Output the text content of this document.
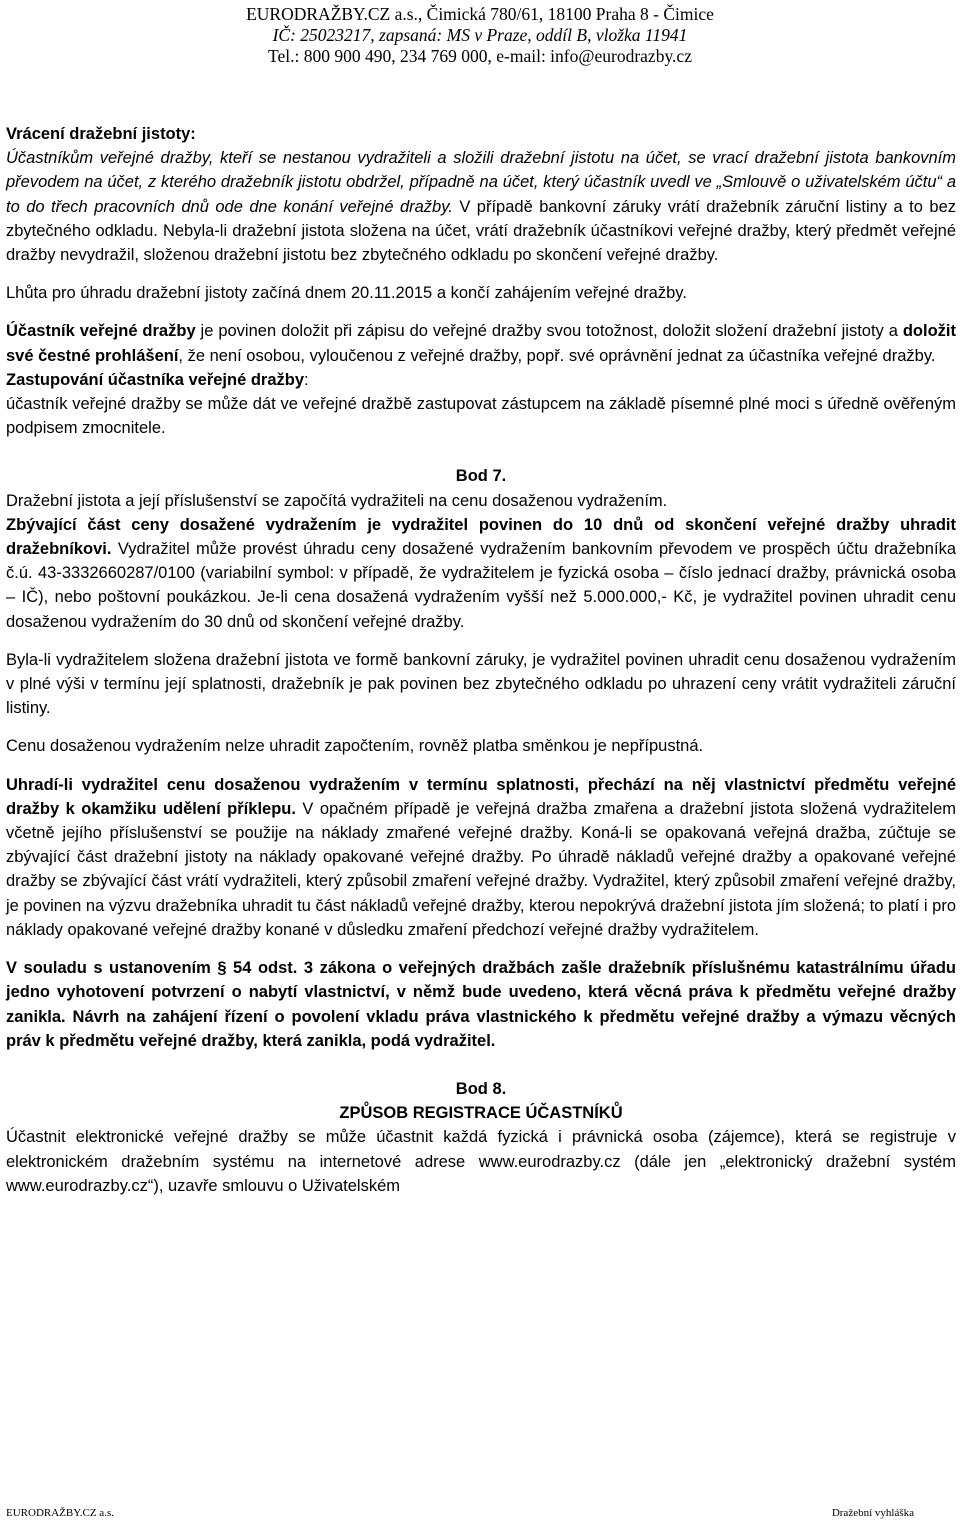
EURODRAŽBY.CZ a.s., Čimická 780/61, 18100 Praha 8 - Čimice
IČ: 25023217, zapsaná: MS v Praze, oddíl B, vložka 11941
Tel.: 800 900 490, 234 769 000, e-mail: info@eurodrazby.cz

Vrácení dražební jistoty:

Účastníkům veřejné dražby, kteří se nestanou vydražiteli a složili dražební jistotu na účet, se vrací dražební jistota bankovním převodem na účet, z kterého dražebník jistotu obdržel, případně na účet, který účastník uvedl ve „Smlouvě o uživatelském účtu“ a to do třech pracovních dnů ode dne konání veřejné dražby. V případě bankovní záruky vrátí dražebník záruční listiny a to bez zbytečného odkladu. Nebyla-li dražební jistota složena na účet, vrátí dražebník účastníkovi veřejné dražby, který předmět veřejné dražby nevydražil, složenou dražební jistotu bez zbytečného odkladu po skončení veřejné dražby.

Lhůta pro úhradu dražební jistoty začíná dnem 20.11.2015 a končí zahájením veřejné dražby.

Účastník veřejné dražby je povinen doložit při zápisu do veřejné dražby svou totožnost, doložit složení dražební jistoty a doložit své čestné prohlášení, že není osobou, vyloučenou z veřejné dražby, popř. své oprávnění jednat za účastníka veřejné dražby.

Zastupování účastníka veřejné dražby:

účastník veřejné dražby se může dát ve veřejné dražbě zastupovat zástupcem na základě písemné plné moci s úředně ověřeným podpisem zmocnitele.

Bod 7.

Dražební jistota a její příslušenství se započítá vydražiteli na cenu dosaženou vydražením.

Zbývající část ceny dosažené vydražením je vydražitel povinen do 10 dnů od skončení veřejné dražby uhradit dražebníkovi. Vydražitel může provést úhradu ceny dosažené vydražením bankovním převodem ve prospěch účtu dražebníka č.ú. 43-3332660287/0100 (variabilní symbol: v případě, že vydražitelem je fyzická osoba – číslo jednací dražby, právnická osoba – IČ), nebo poštovní poukázkou. Je-li cena dosažená vydražením vyšší než 5.000.000,- Kč, je vydražitel povinen uhradit cenu dosaženou vydražením do 30 dnů od skončení veřejné dražby.

Byla-li vydražitelem složena dražební jistota ve formě bankovní záruky, je vydražitel povinen uhradit cenu dosaženou vydražením v plné výši v termínu její splatnosti, dražebník je pak povinen bez zbytečného odkladu po uhrazení ceny vrátit vydražiteli záruční listiny.

Cenu dosaženou vydražením nelze uhradit započtením, rovněž platba směnkou je nepřípustná.

Uhradí-li vydražitel cenu dosaženou vydražením v termínu splatnosti, přechází na něj vlastnictví předmětu veřejné dražby k okamžiku udělení příklepu. V opačném případě je veřejná dražba zmařena a dražební jistota složená vydražitelem včetně jejího příslušenství se použije na náklady zmařené veřejné dražby. Koná-li se opakovaná veřejná dražba, zúčtuje se zbývající část dražební jistoty na náklady opakované veřejné dražby. Po úhradě nákladů veřejné dražby a opakované veřejné dražby se zbývající část vrátí vydražiteli, který způsobil zmaření veřejné dražby. Vydražitel, který způsobil zmaření veřejné dražby, je povinen na výzvu dražebníka uhradit tu část nákladů veřejné dražby, kterou nepokrývá dražební jistota jím složená; to platí i pro náklady opakované veřejné dražby konané v důsledku zmaření předchozí veřejné dražby vydražitelem.

V souladu s ustanovením § 54 odst. 3 zákona o veřejných dražbách zašle dražebník příslušnému katastrálnímu úřadu jedno vyhotovení potvrzení o nabytí vlastnictví, v němž bude uvedeno, která věcná práva k předmětu veřejné dražby zanikla. Návrh na zahájení řízení o povolení vkladu práva vlastnického k předmětu veřejné dražby a výmazu věcných práv k předmětu veřejné dražby, která zanikla, podá vydražitel.

Bod 8.

ZPŮSOB REGISTRACE ÚČASTNÍKŮ

Účastnit elektronické veřejné dražby se může účastnit každá fyzická i právnická osoba (zájemce), která se registruje v elektronickém dražebním systému na internetové adrese www.eurodrazby.cz (dále jen „elektronický dražební systém www.eurodrazby.cz“), uzavře smlouvu o Uživatelském

EURODRAŽBY.CZ a.s.	Dražební vyhláška
